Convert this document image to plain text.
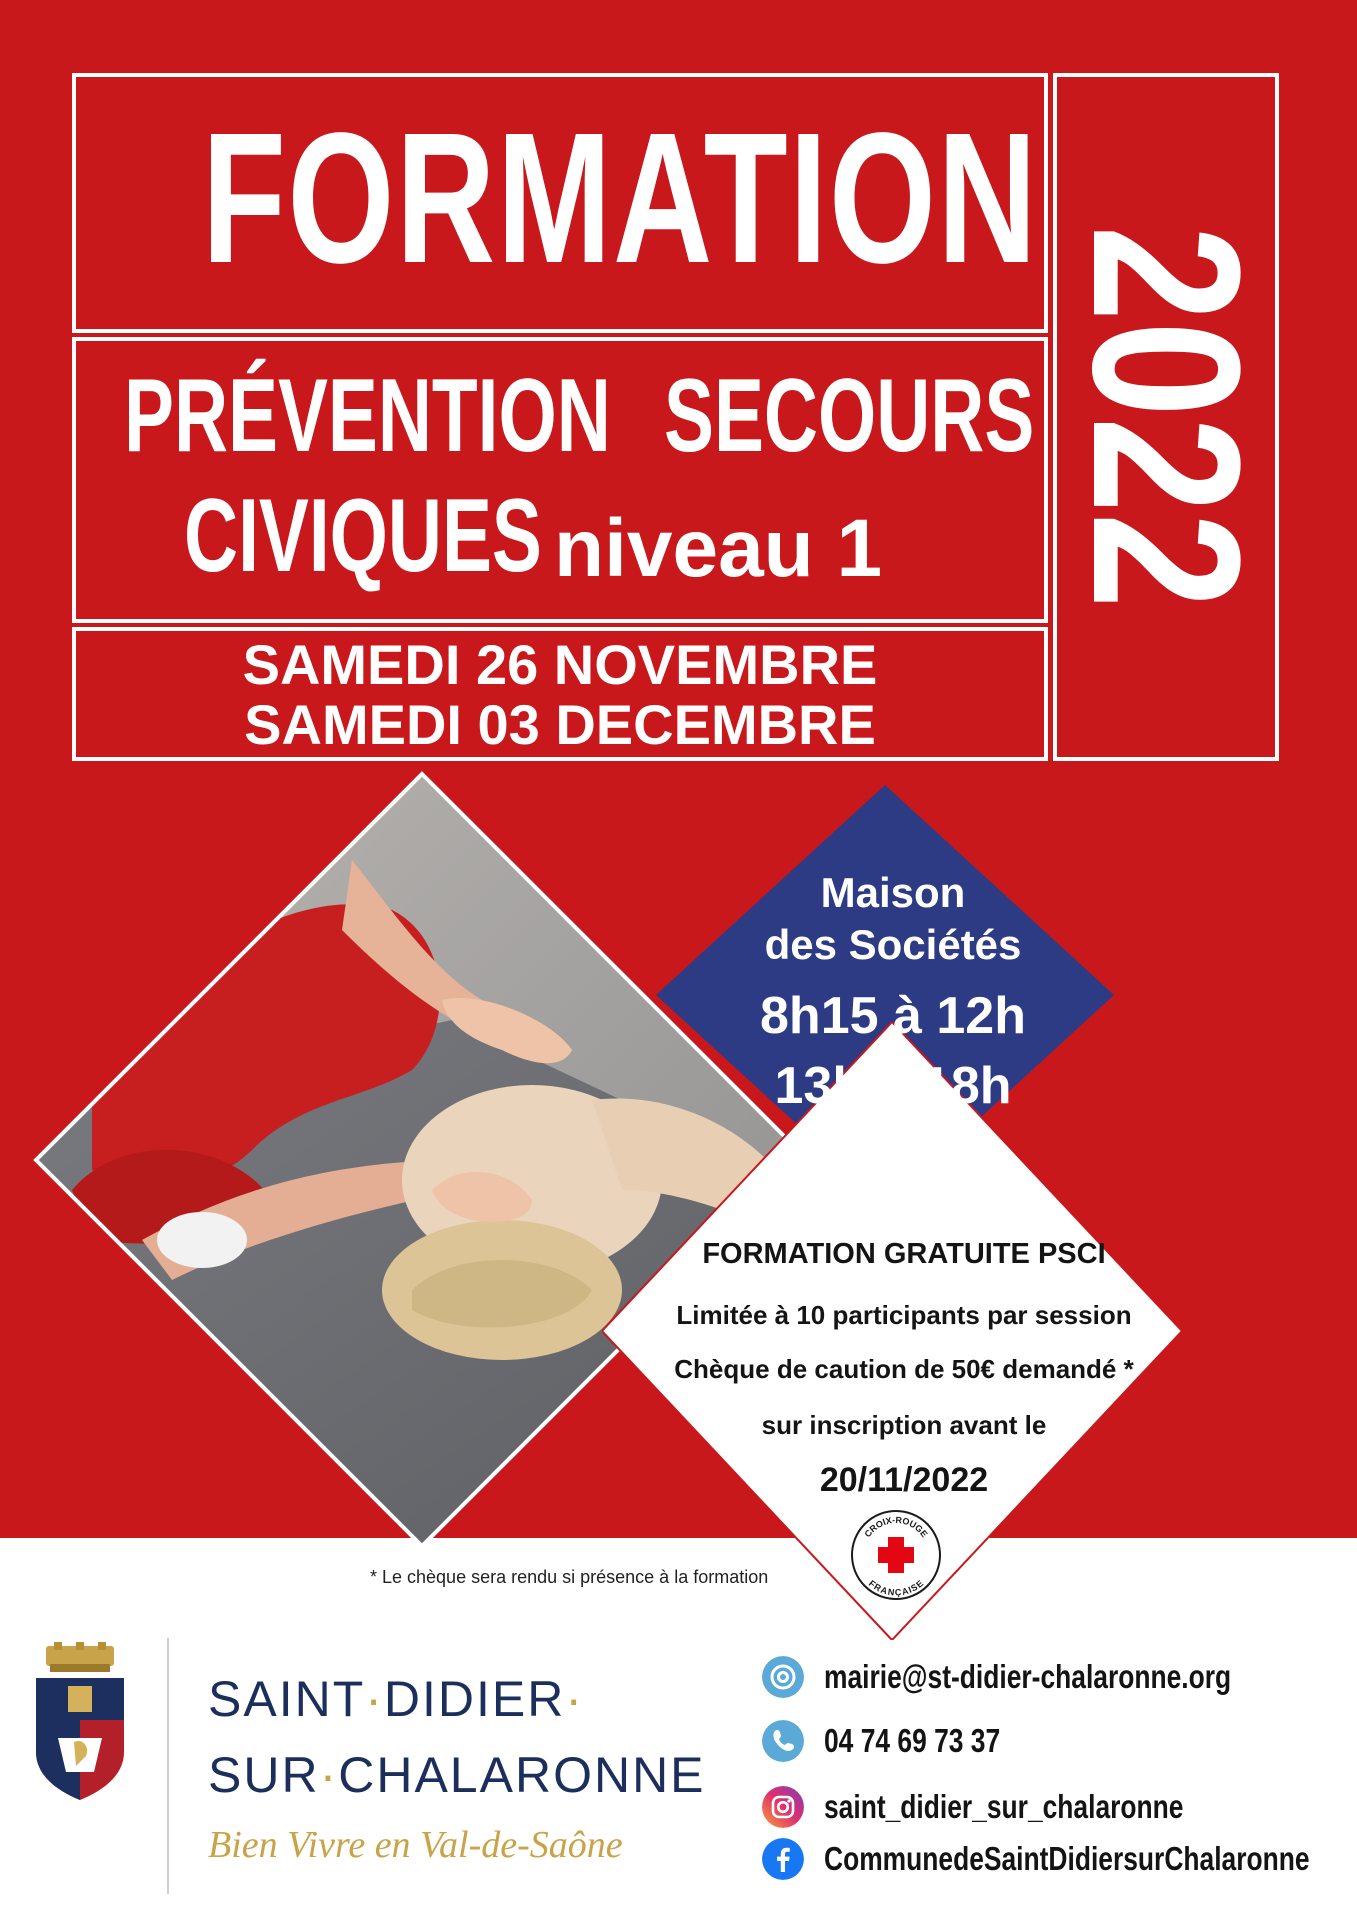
FORMATION
PRÉVENTION SECOURS
CIVIQUES niveau 1
SAMEDI 26 NOVEMBRE
SAMEDI 03 DECEMBRE
2022
Maison
des Sociétés
8h15 à 12h
13h à 18h
FORMATION GRATUITE PSCI
Limitée à 10 participants par session
Chèque de caution de 50€ demandé *
sur inscription avant le
20/11/2022
CROIX-ROUGE
FRANÇAISE
* Le chèque sera rendu si présence à la formation
SAINT·DIDIER·
SUR·CHALARONNE
Bien Vivre en Val-de-Saône
mairie@st-didier-chalaronne.org
04 74 69 73 37
saint_didier_sur_chalaronne
CommunedeSaintDidiersurChalaronne
